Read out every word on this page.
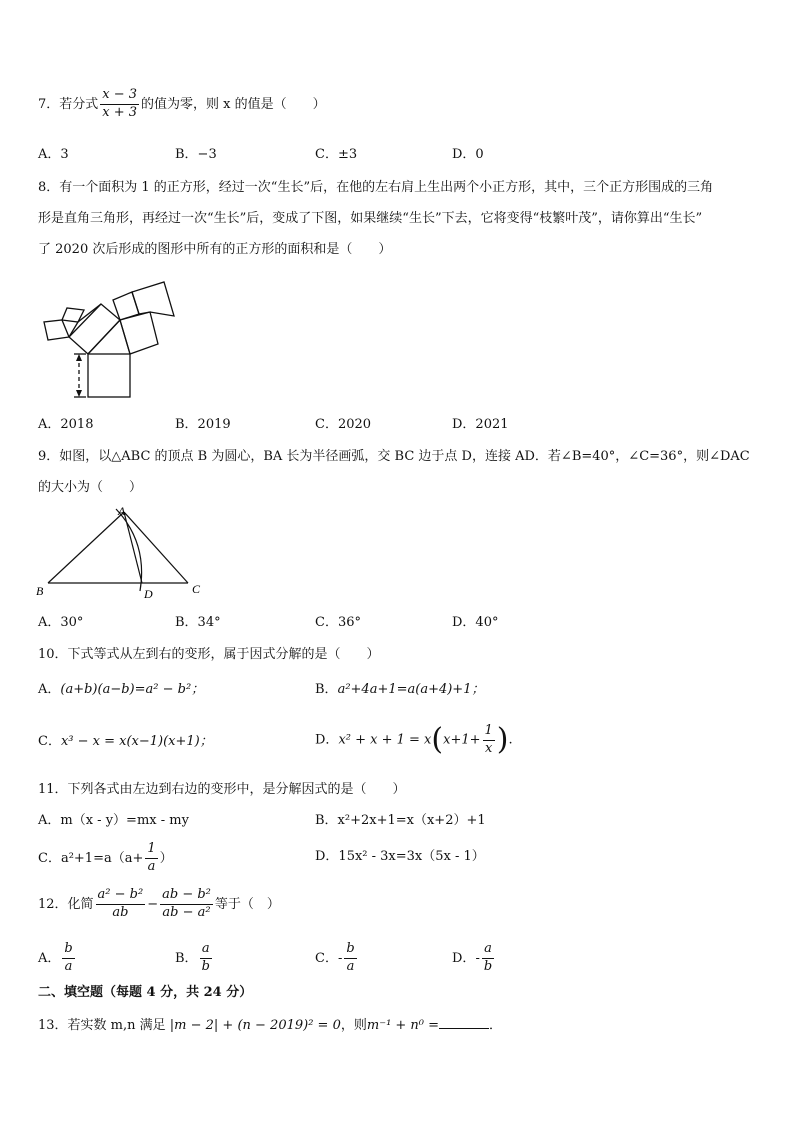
7．若分式 $\frac{x - 3}{x + 3}$ 的值为零，则 x 的值是（　　）
A．3	B．−3	C．±3	D．0
8．有一个面积为 1 的正方形，经过一次“生长”后，在他的左右肩上生出两个小正方形，其中，三个正方形围成的三角
形是直角三角形，再经过一次“生长”后，变成了下图，如果继续“生长”下去，它将变得“枝繁叶茂”，请你算出“生长”
了 2020 次后形成的图形中所有的正方形的面积和是（　　）
A．2018	B．2019	C．2020	D．2021
9．如图，以△ABC 的顶点 B 为圆心，BA 长为半径画弧，交 BC 边于点 D，连接 AD．若∠B=40°，∠C=36°，则∠DAC
的大小为（　　）
A
B	C
D
A．30°	B．34°	C．36°	D．40°
10．下式等式从左到右的变形，属于因式分解的是（　　）
A．(a+b)(a−b)=a² − b²；	B．a²+4a+1=a(a+4)+1；
C．x³ − x = x(x−1)(x+1)；	D．$x^2 + x + 1 = x(x+1+ \frac{1}{x}$ ).
11．下列各式由左边到右边的变形中，是分解因式的是（　　）
A．m（x - y）=mx - my	B．x²+2x+1=x（x+2）+1
C．$a^2+1=a(a+ \frac{1}{a}$ ）	D．15x² - 3x=3x（5x - 1）
12．化简 $\frac{\text{a² − b²}}{ab} - \frac{\text{ab − b²}}{\text{ab − a²}}$ 等于（　）
A． $\frac{b}{a}$	B． $\frac{a}{b}$	C．- $\frac{b}{a}$	D．- $\frac{a}{b}$
二、填空题（每题 4 分，共 24 分）
13．若实数 m,n 满足 |m − 2| + (n − 2019)² = 0，则m⁻¹ + n⁰ =	．
